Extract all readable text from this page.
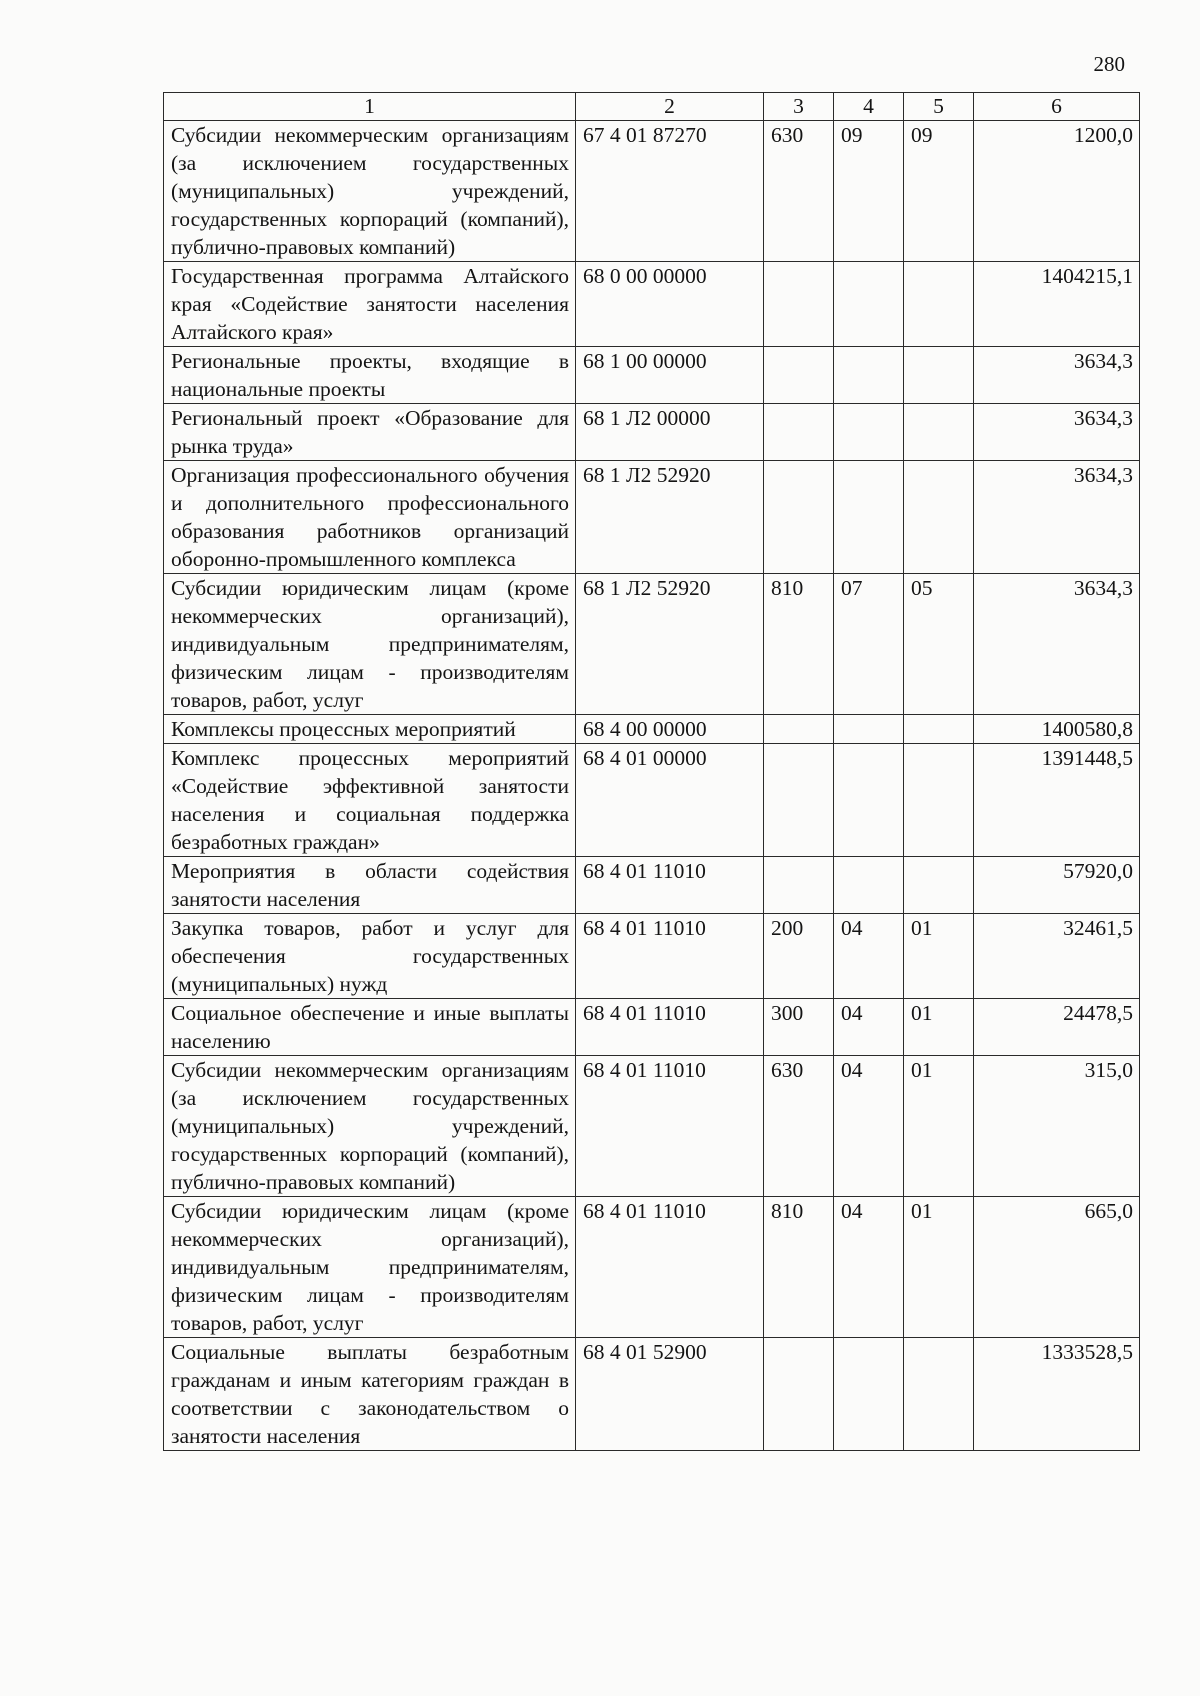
280
1	2	3	4	5	6
Субсидии некоммерческим организациям (за исключением государственных (муниципальных) учреждений, государственных корпораций (компаний), публично-правовых компаний)	67 4 01 87270	630	09	09	1200,0
Государственная программа Алтайского края «Содействие занятости населения Алтайского края»	68 0 00 00000				1404215,1
Региональные проекты, входящие в национальные проекты	68 1 00 00000				3634,3
Региональный проект «Образование для рынка труда»	68 1 Л2 00000				3634,3
Организация профессионального обучения и дополнительного профессионального образования работников организаций оборонно-промышленного комплекса	68 1 Л2 52920				3634,3
Субсидии юридическим лицам (кроме некоммерческих организаций), индивидуальным предпринимателям, физическим лицам - производителям товаров, работ, услуг	68 1 Л2 52920	810	07	05	3634,3
Комплексы процессных мероприятий	68 4 00 00000				1400580,8
Комплекс процессных мероприятий «Содействие эффективной занятости населения и социальная поддержка безработных граждан»	68 4 01 00000				1391448,5
Мероприятия в области содействия занятости населения	68 4 01 11010				57920,0
Закупка товаров, работ и услуг для обеспечения государственных (муниципальных) нужд	68 4 01 11010	200	04	01	32461,5
Социальное обеспечение и иные выплаты населению	68 4 01 11010	300	04	01	24478,5
Субсидии некоммерческим организациям (за исключением государственных (муниципальных) учреждений, государственных корпораций (компаний), публично-правовых компаний)	68 4 01 11010	630	04	01	315,0
Субсидии юридическим лицам (кроме некоммерческих организаций), индивидуальным предпринимателям, физическим лицам - производителям товаров, работ, услуг	68 4 01 11010	810	04	01	665,0
Социальные выплаты безработным гражданам и иным категориям граждан в соответствии с законодательством о занятости населения	68 4 01 52900				1333528,5
